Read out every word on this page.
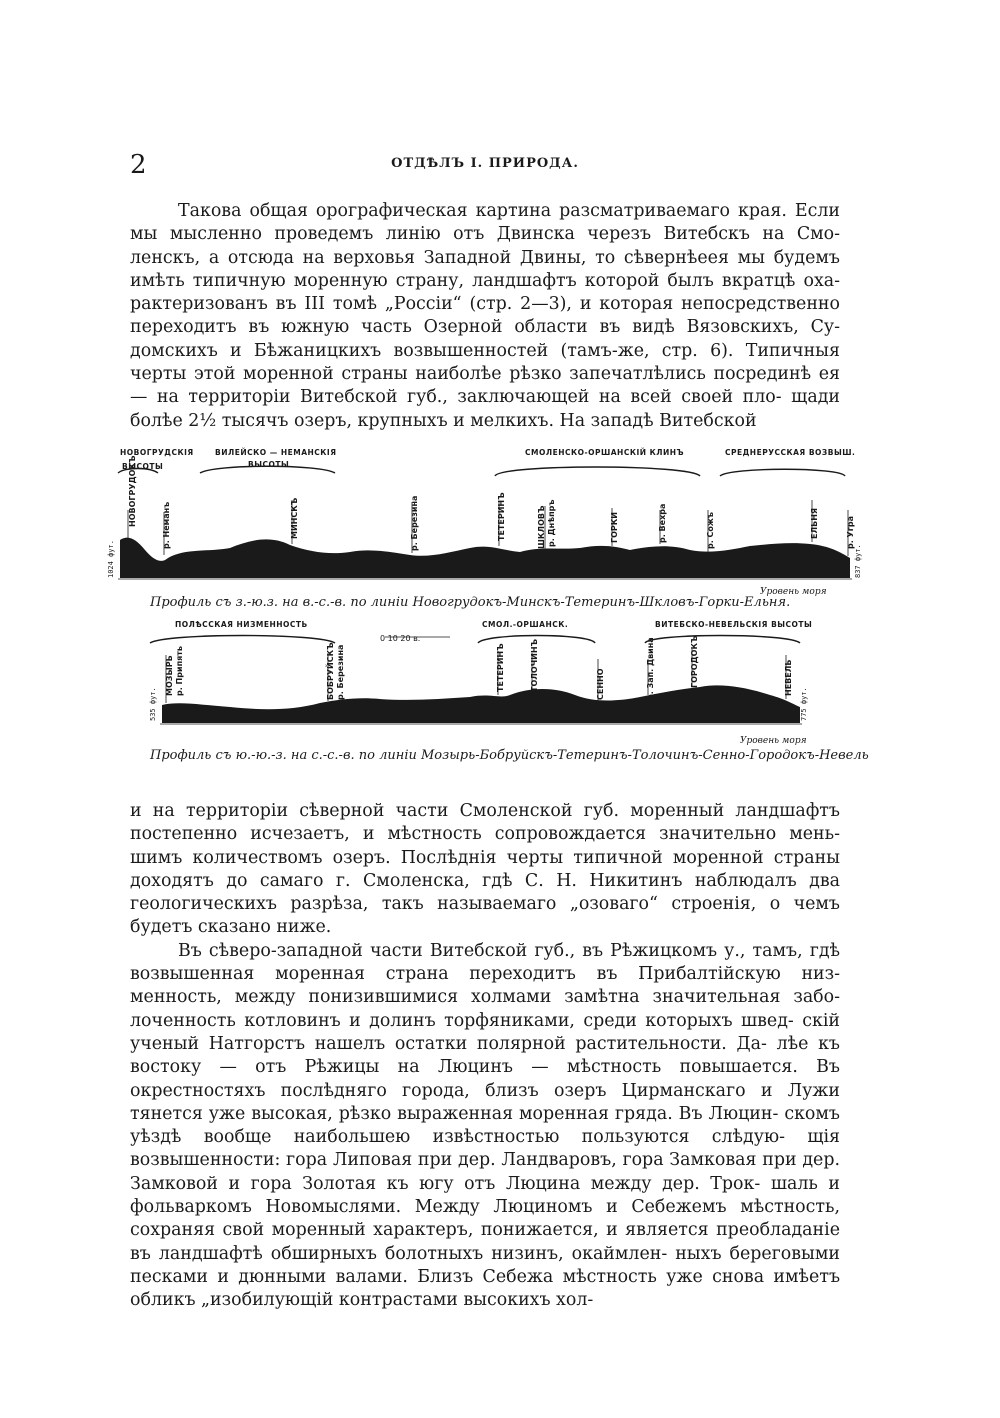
2	ОТДѢЛЪ I. ПРИРОДА.

Такова общая орографическая картина разсматриваемаго края. Если мы мысленно проведемъ линію отъ Двинска черезъ Витебскъ на Смо- ленскъ, а отсюда на верховья Западной Двины, то сѣвернѣеея мы будемъ имѣть типичную моренную страну, ландшафтъ которой былъ вкратцѣ оха- рактеризованъ въ III томѣ „Россіи“ (стр. 2—3), и которая непосредственно переходитъ въ южную часть Озерной области въ видѣ Вязовскихъ, Су- домскихъ и Бѣжаницкихъ возвышенностей (тамъ-же, стр. 6). Типичныя черты этой моренной страны наиболѣе рѣзко запечатлѣлись посрединѣ ея — на территоріи Витебской губ., заключающей на всей своей пло- щади болѣе 2½ тысячъ озеръ, крупныхъ и мелкихъ. На западѣ Витебской

НОВОГРУДСКІЯ
ВЫСОТЫ
ВИЛЕЙСКО — НЕМАНСКІЯ
ВЫСОТЫ
СМОЛЕНСКО-ОРШАНСКІЙ КЛИНЪ	СРЕДНЕРУССКАЯ ВОЗВЫШ.
НОВОГРУДОКЪ	р. Неманъ	МИНСКЪ	р. Березина	ТЕТЕРИНЪ	ШКЛОВЪ р. Днѣпръ	ГОРКИ	р. Вехра	р. Сожъ	ЕЛЬНЯ	р. Угра
1024 фут.	837 фут.
Уровень моря
Профиль съ з.-ю.з. на в.-с.-в. по линіи Новогрудокъ-Минскъ-Тетеринъ-Шкловъ-Горки-Ельня.
ПОЛѢССКАЯ НИЗМЕННОСТЬ	СМОЛ.-ОРШАНСК.	ВИТЕБСКО-НЕВЕЛЬСКІЯ ВЫСОТЫ
0 10 20 в.
МОЗЫРЬ р. Припять	БОБРУЙСКЪ р. Березина	ТЕТЕРИНЪ	ТОЛОЧИНЪ	СЕННО	р. Зап. Двина	ГОРОДОКЪ	НЕВЕЛЬ
535 фут.	775 фут.
Уровень моря
Профиль съ ю.-ю.-з. на с.-с.-в. по линіи Мозырь-Бобруйскъ-Тетеринъ-Толочинъ-Сенно-Городокъ-Невель

и на территоріи сѣверной части Смоленской губ. моренный ландшафтъ постепенно исчезаетъ, и мѣстность сопровождается значительно мень- шимъ количествомъ озеръ. Послѣднія черты типичной моренной страны доходятъ до самаго г. Смоленска, гдѣ С. Н. Никитинъ наблюдалъ два геологическихъ разрѣза, такъ называемаго „озоваго“ строенія, о чемъ будетъ сказано ниже.

Въ сѣверо-западной части Витебской губ., въ Рѣжицкомъ у., тамъ, гдѣ возвышенная моренная страна переходитъ въ Прибалтійскую низ- менность, между понизившимися холмами замѣтна значительная забо- лоченность котловинъ и долинъ торфяниками, среди которыхъ швед- скій ученый Натгорстъ нашелъ остатки полярной растительности. Да- лѣе къ востоку — отъ Рѣжицы на Люцинъ — мѣстность повышается. Въ окрестностяхъ послѣдняго города, близъ озеръ Цирманскаго и Лужи тянется уже высокая, рѣзко выраженная моренная гряда. Въ Люцин- скомъ уѣздѣ вообще наибольшею извѣстностью пользуются слѣдую- щія возвышенности: гора Липовая при дер. Ландваровъ, гора Замковая при дер. Замковой и гора Золотая къ югу отъ Люцина между дер. Трок- шаль и фольваркомъ Новомыслями. Между Люциномъ и Себежемъ мѣстность, сохраняя свой моренный характеръ, понижается, и является преобладаніе въ ландшафтѣ обширныхъ болотныхъ низинъ, окаймлен- ныхъ береговыми песками и дюнными валами. Близъ Себежа мѣстность уже снова имѣетъ обликъ „изобилующій контрастами высокихъ хол-
